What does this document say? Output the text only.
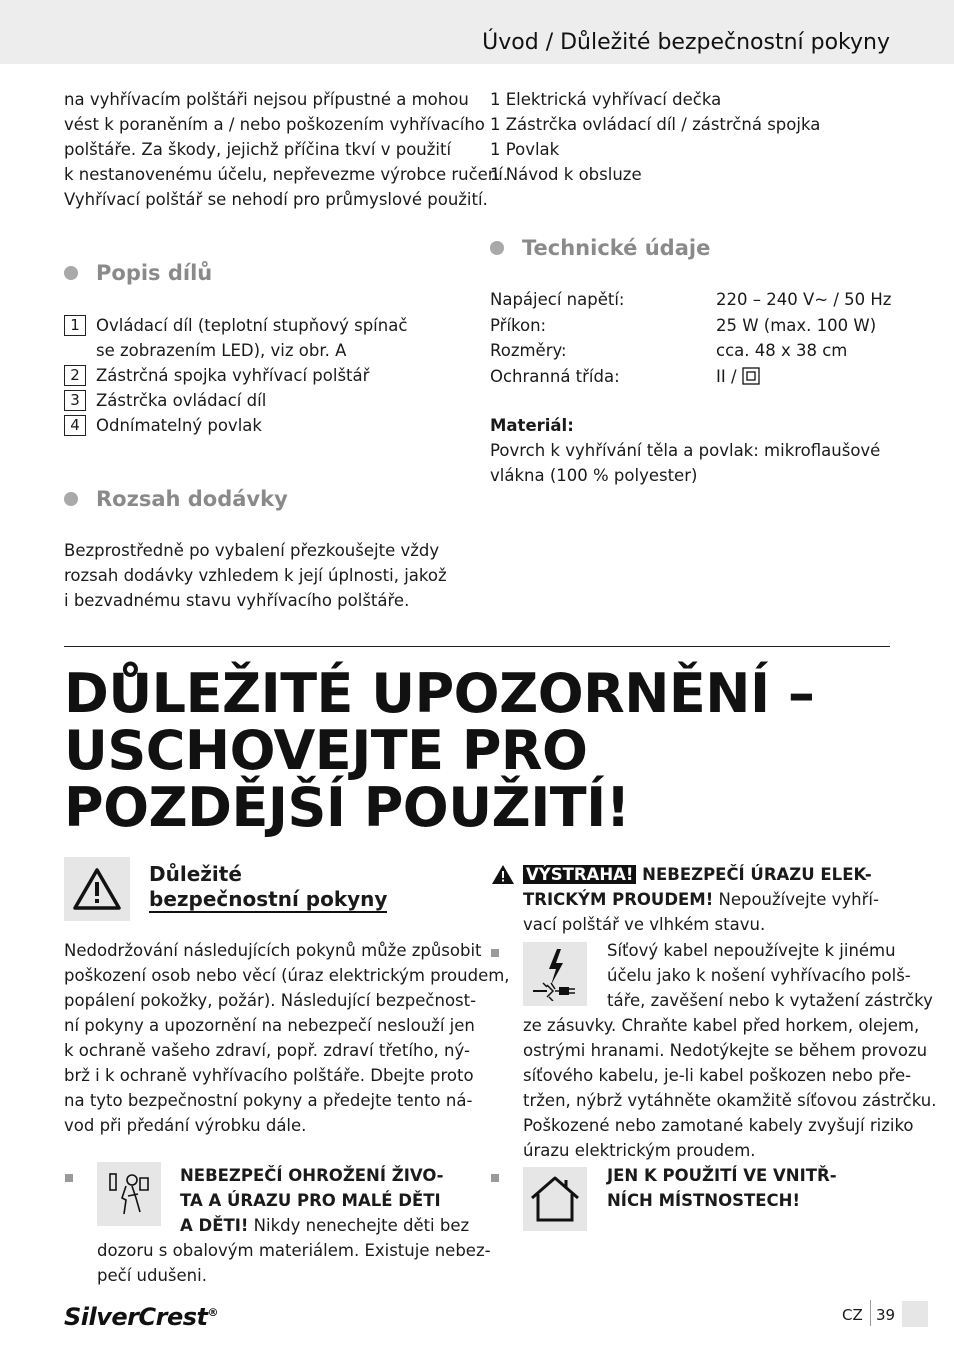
Úvod / Důležité bezpečnostní pokyny

na vyhřívacím polštáři nejsou přípustné a mohou

vést k poraněním a / nebo poškozením vyhřívacího

polštáře. Za škody, jejichž příčina tkví v použití

k nestanovenému účelu, nepřevezme výrobce ručení.

Vyhřívací polštář se nehodí pro průmyslové použití.

Popis dílů
1 Ovládací díl (teplotní stupňový spínač
se zobrazením LED), viz obr. A
2 Zástrčná spojka vyhřívací polštář
3 Zástrčka ovládací díl
4 Odnímatelný povlak
Rozsah dodávky

Bezprostředně po vybalení přezkoušejte vždy

rozsah dodávky vzhledem k její úplnosti, jakož

i bezvadnému stavu vyhřívacího polštáře.

1 Elektrická vyhřívací dečka

1 Zástrčka ovládací díl / zástrčná spojka

1 Povlak

1 Návod k obsluze

Technické údaje
Napájecí napětí:	220 – 240 V~ / 50 Hz
Příkon:	25 W (max. 100 W)
Rozměry:	cca. 48 x 38 cm
Ochranná třída:	II /
Materiál:

Povrch k vyhřívání těla a povlak: mikroflaušové

vlákna (100 % polyester)

DŮLEŽITÉ UPOZORNĚNÍ –
USCHOVEJTE PRO
POZDĚJŠÍ POUŽITÍ!
Důležité
bezpečnostní pokyny

Nedodržování následujících pokynů může způsobit

poškození osob nebo věcí (úraz elektrickým proudem,

popálení pokožky, požár). Následující bezpečnost-

ní pokyny a upozornění na nebezpečí neslouží jen

k ochraně vašeho zdraví, popř. zdraví třetího, ný-

brž i k ochraně vyhřívacího polštáře. Dbejte proto

na tyto bezpečnostní pokyny a předejte tento ná-

vod při předání výrobku dále.

NEBEZPEČÍ OHROŽENÍ ŽIVO-
TA A ÚRAZU PRO MALÉ DĚTI
A DĚTI! Nikdy nenechejte děti bez
dozoru s obalovým materiálem. Existuje nebez-
pečí udušeni.
VÝSTRAHA! NEBEZPEČÍ ÚRAZU ELEK-
TRICKÝM PROUDEM! Nepoužívejte vyhří-
vací polštář ve vlhkém stavu.

Síťový kabel nepoužívejte k jinému

účelu jako k nošení vyhřívacího polš-

táře, zavěšení nebo k vytažení zástrčky

ze zásuvky. Chraňte kabel před horkem, olejem,

ostrými hranami. Nedotýkejte se během provozu

síťového kabelu, je-li kabel poškozen nebo pře-

tržen, nýbrž vytáhněte okamžitě síťovou zástrčku.

Poškozené nebo zamotané kabely zvyšují riziko

úrazu elektrickým proudem.

JEN K POUŽITÍ VE VNITŘ-
NÍCH MÍSTNOSTECH!
SilverCrest®	CZ 39
